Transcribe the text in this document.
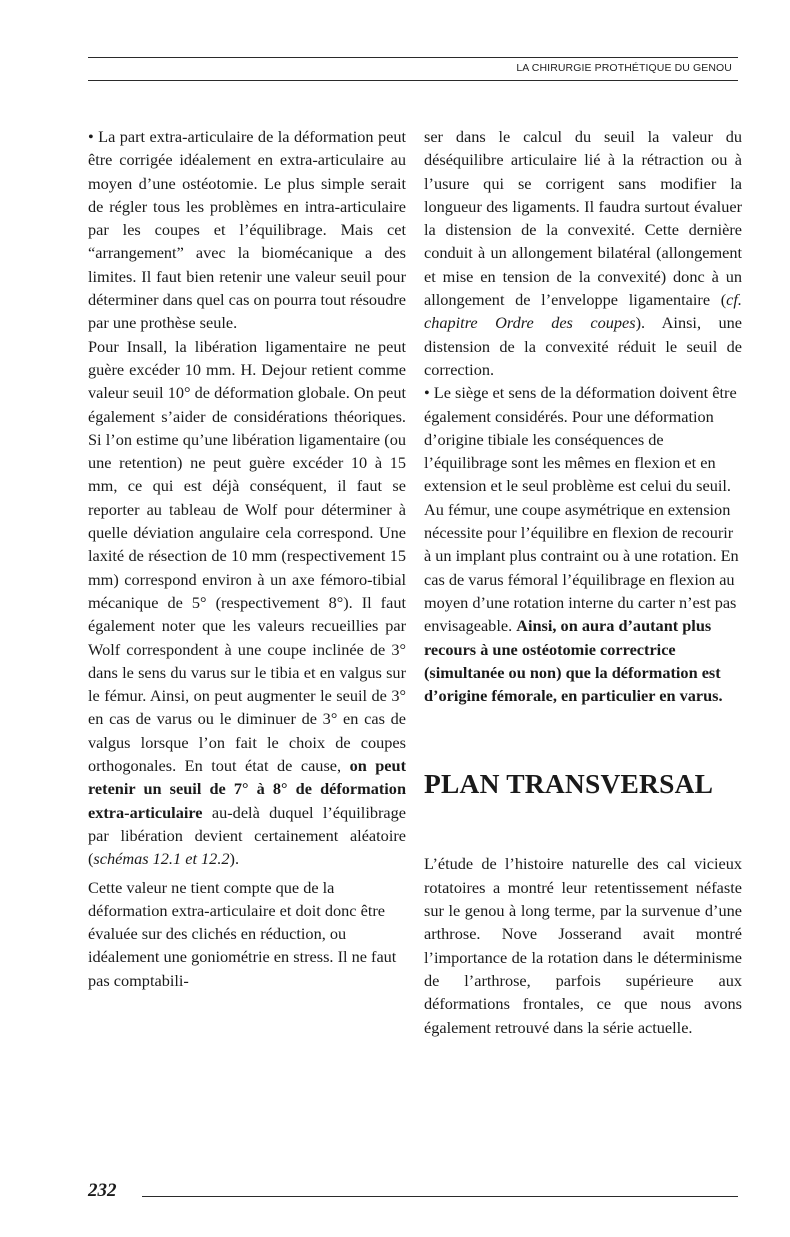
LA CHIRURGIE PROTHÉTIQUE DU GENOU

• La part extra-articulaire de la déformation peut être corrigée idéalement en extra-articulaire au moyen d’une ostéotomie. Le plus simple serait de régler tous les problèmes en intra-articulaire par les coupes et l’équilibrage. Mais cet “arrangement” avec la biomécanique a des limites. Il faut bien retenir une valeur seuil pour déterminer dans quel cas on pourra tout résoudre par une prothèse seule.

Pour Insall, la libération ligamentaire ne peut guère excéder 10 mm. H. Dejour retient comme valeur seuil 10° de déformation globale. On peut également s’aider de considérations théoriques. Si l’on estime qu’une libération ligamentaire (ou une retention) ne peut guère excéder 10 à 15 mm, ce qui est déjà conséquent, il faut se reporter au tableau de Wolf pour déterminer à quelle déviation angulaire cela correspond. Une laxité de résection de 10 mm (respectivement 15 mm) correspond environ à un axe fémoro-tibial mécanique de 5° (respectivement 8°). Il faut également noter que les valeurs recueillies par Wolf correspondent à une coupe inclinée de 3° dans le sens du varus sur le tibia et en valgus sur le fémur. Ainsi, on peut augmenter le seuil de 3° en cas de varus ou le diminuer de 3° en cas de valgus lorsque l’on fait le choix de coupes orthogonales. En tout état de cause, on peut retenir un seuil de 7° à 8° de déformation extra-articulaire au-delà duquel l’équilibrage par libération devient certainement aléatoire (schémas 12.1 et 12.2).

Cette valeur ne tient compte que de la déformation extra-articulaire et doit donc être évaluée sur des clichés en réduction, ou idéalement une goniométrie en stress. Il ne faut pas comptabili-

ser dans le calcul du seuil la valeur du déséquilibre articulaire lié à la rétraction ou à l’usure qui se corrigent sans modifier la longueur des ligaments. Il faudra surtout évaluer la distension de la convexité. Cette dernière conduit à un allongement bilatéral (allongement et mise en tension de la convexité) donc à un allongement de l’enveloppe ligamentaire (cf. chapitre Ordre des coupes). Ainsi, une distension de la convexité réduit le seuil de correction.

• Le siège et sens de la déformation doivent être également considérés. Pour une déformation d’origine tibiale les conséquences de l’équilibrage sont les mêmes en flexion et en extension et le seul problème est celui du seuil. Au fémur, une coupe asymétrique en extension nécessite pour l’équilibre en flexion de recourir à un implant plus contraint ou à une rotation. En cas de varus fémoral l’équilibrage en flexion au moyen d’une rotation interne du carter n’est pas envisageable. Ainsi, on aura d’autant plus recours à une ostéotomie correctrice (simultanée ou non) que la déformation est d’origine fémorale, en particulier en varus.

PLAN TRANSVERSAL

L’étude de l’histoire naturelle des cal vicieux rotatoires a montré leur retentissement néfaste sur le genou à long terme, par la survenue d’une arthrose. Nove Josserand avait montré l’importance de la rotation dans le déterminisme de l’arthrose, parfois supérieure aux déformations frontales, ce que nous avons également retrouvé dans la série actuelle.

232
